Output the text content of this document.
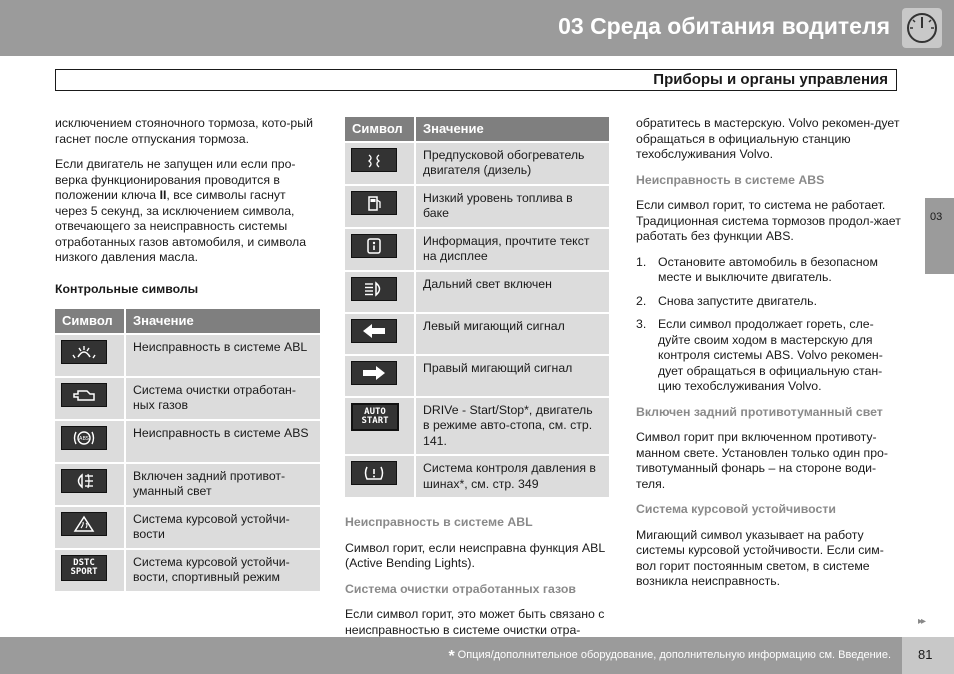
03 Среда обитания водителя
Приборы и органы управления

исключением стояночного тормоза, кото-рый гаснет после отпускания тормоза.

Если двигатель не запущен или если про-верка функционирования проводится в положении ключа II, все символы гаснут через 5 секунд, за исключением символа, отвечающего за неисправность системы отработанных газов автомобиля, и символа низкого давления масла.

Контрольные символы

Символ	Значение

	Неисправность в системе ABL

	Система очистки отработан-ных газов

ABS	Неисправность в системе ABS

	Включен задний противот-уманный свет

	Система курсовой устойчи-вости

DSTC
SPORT	Система курсовой устойчи-вости, спортивный режим
Символ	Значение

	Предпусковой обогреватель двигателя (дизель)

	Низкий уровень топлива в баке

	Информация, прочтите текст на дисплее

	Дальний свет включен

	Левый мигающий сигнал

	Правый мигающий сигнал

AUTO
START	DRIVe - Start/Stop*, двигатель в режиме авто-стопа, см. стр. 141.

	Система контроля давления в шинах*, см. стр. 349

Неисправность в системе ABL

Символ горит, если неисправна функция ABL (Active Bending Lights).

Система очистки отработанных газов

Если символ горит, это может быть связано с неисправностью в системе очистки отра-

обратитесь в мастерскую. Volvo рекомен-дует обращаться в официальную станцию техобслуживания Volvo.

Неисправность в системе ABS

Если символ горит, то система не работает. Традиционная система тормозов продол-жает работать без функции ABS.

1. Остановите автомобиль в безопасном месте и выключите двигатель.
2. Снова запустите двигатель.
3. Если символ продолжает гореть, сле-дуйте своим ходом в мастерскую для контроля системы ABS. Volvo рекомен-дует обращаться в официальную стан-цию техобслуживания Volvo.

Включен задний противотуманный свет

Символ горит при включенном противоту-манном свете. Установлен только один про-тивотуманный фонарь – на стороне води-теля.

Система курсовой устойчивости

Мигающий символ указывает на работу системы курсовой устойчивости. Если сим-вол горит постоянным светом, в системе возникла неисправность.

03
▸▸
* Опция/дополнительное оборудование, дополнительную информацию см. Введение. 81
